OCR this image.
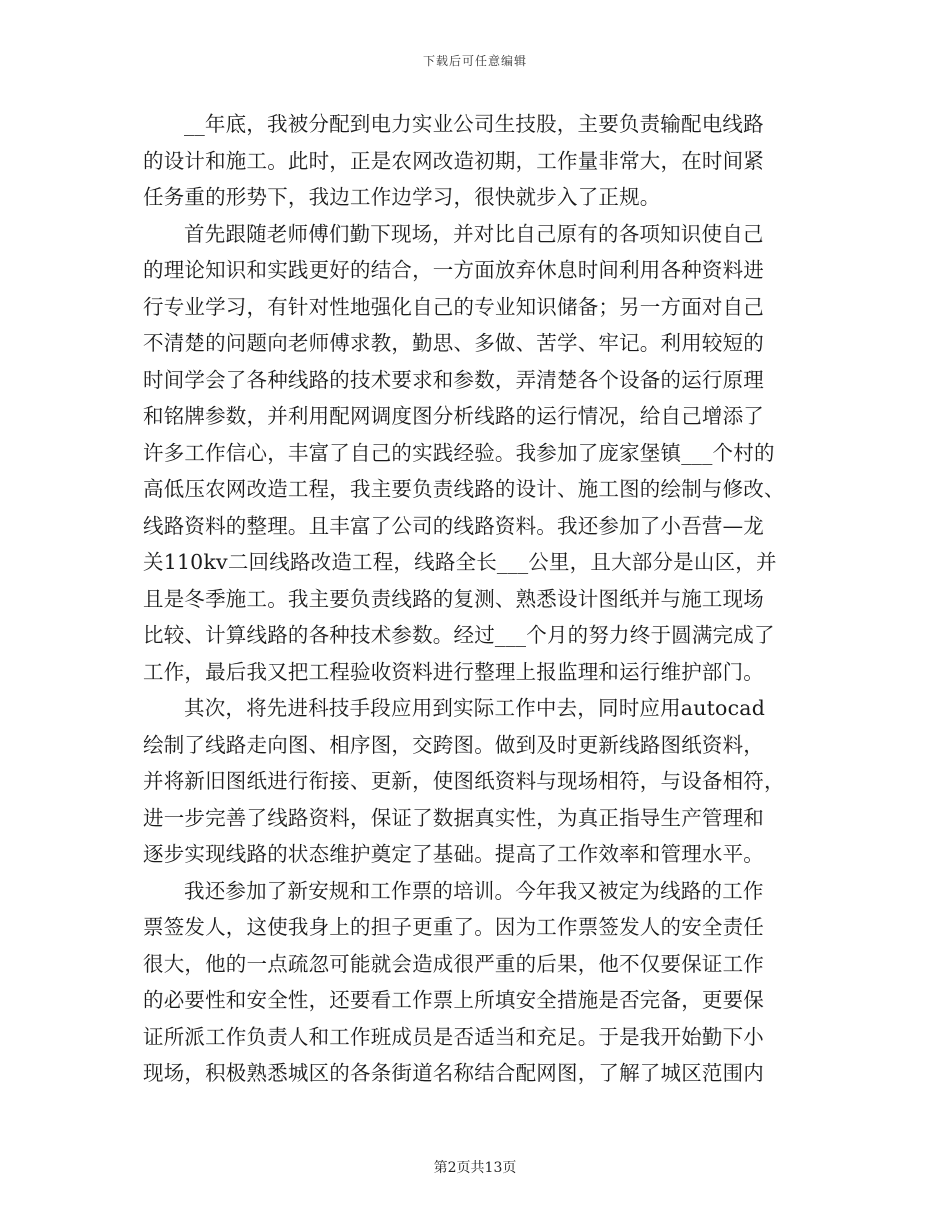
下载后可任意编辑
__年底，我被分配到电力实业公司生技股，主要负责输配电线路
的设计和施工。此时，正是农网改造初期，工作量非常大，在时间紧
任务重的形势下，我边工作边学习，很快就步入了正规。
首先跟随老师傅们勤下现场，并对比自己原有的各项知识使自己
的理论知识和实践更好的结合，一方面放弃休息时间利用各种资料进
行专业学习，有针对性地强化自己的专业知识储备；另一方面对自己
不清楚的问题向老师傅求教，勤思、多做、苦学、牢记。利用较短的
时间学会了各种线路的技术要求和参数，弄清楚各个设备的运行原理
和铭牌参数，并利用配网调度图分析线路的运行情况，给自己增添了
许多工作信心，丰富了自己的实践经验。我参加了庞家堡镇___个村的
高低压农网改造工程，我主要负责线路的设计、施工图的绘制与修改、
线路资料的整理。且丰富了公司的线路资料。我还参加了小吾营—龙
关110kv二回线路改造工程，线路全长___公里，且大部分是山区，并
且是冬季施工。我主要负责线路的复测、熟悉设计图纸并与施工现场
比较、计算线路的各种技术参数。经过___个月的努力终于圆满完成了
工作，最后我又把工程验收资料进行整理上报监理和运行维护部门。
其次，将先进科技手段应用到实际工作中去，同时应用autocad
绘制了线路走向图、相序图，交跨图。做到及时更新线路图纸资料，
并将新旧图纸进行衔接、更新，使图纸资料与现场相符，与设备相符，
进一步完善了线路资料，保证了数据真实性，为真正指导生产管理和
逐步实现线路的状态维护奠定了基础。提高了工作效率和管理水平。
我还参加了新安规和工作票的培训。今年我又被定为线路的工作
票签发人，这使我身上的担子更重了。因为工作票签发人的安全责任
很大，他的一点疏忽可能就会造成很严重的后果，他不仅要保证工作
的必要性和安全性，还要看工作票上所填安全措施是否完备，更要保
证所派工作负责人和工作班成员是否适当和充足。于是我开始勤下小
现场，积极熟悉城区的各条街道名称结合配网图，了解了城区范围内
第2页共13页
